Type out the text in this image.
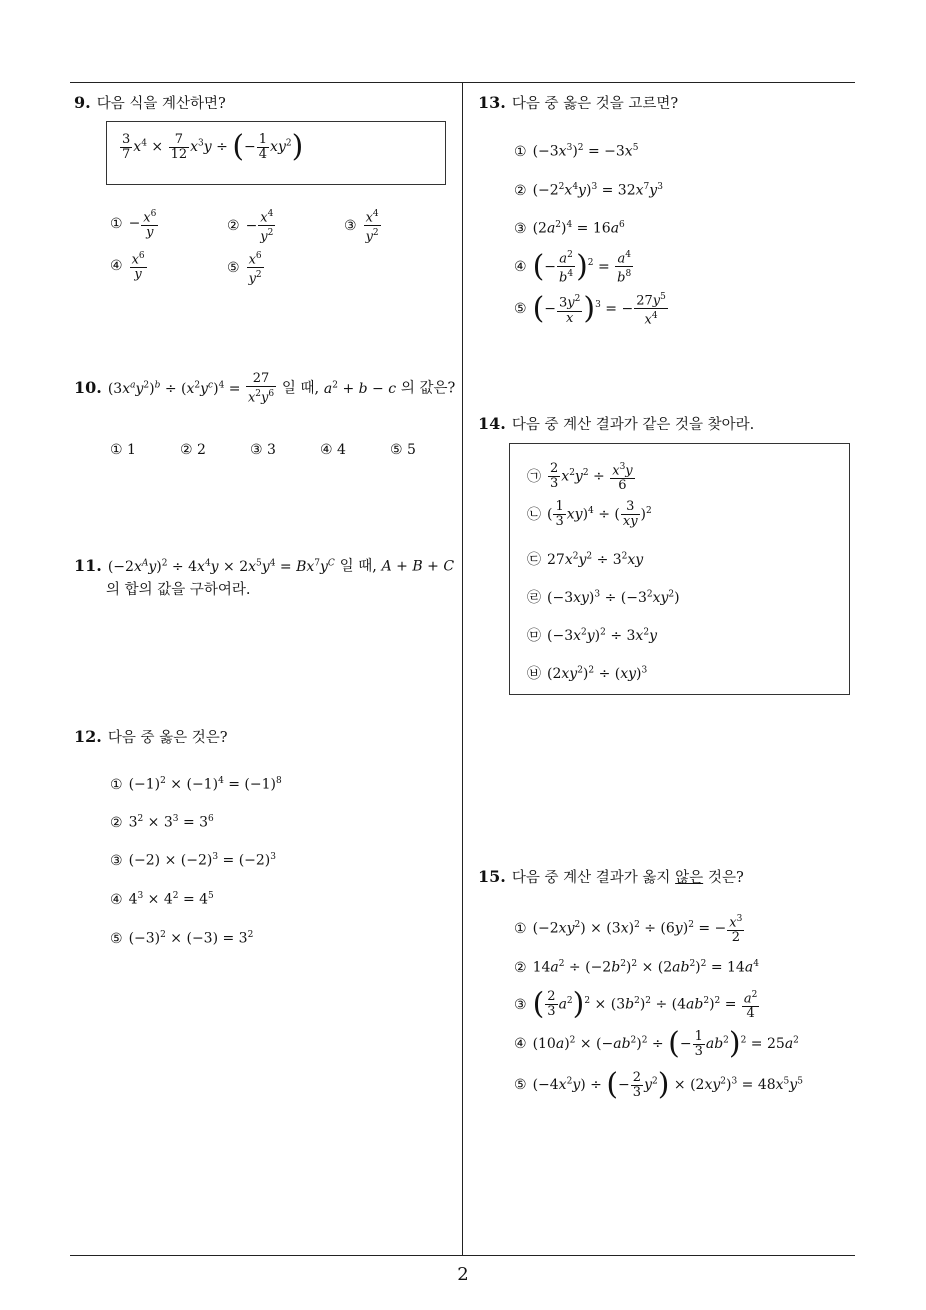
9. 다음 식을 계산하면?
$\frac{3}{7} x^4 \times \frac{7}{12} x^3y$ ÷ (− $\frac{1}{4} xy^2$)
① − $\frac{x^6}{y}$	② − $\frac{x^4}{y^2}$	③ $\frac{x^4}{y^2}$
④ $\frac{x^6}{y}$	⑤ $\frac{x^6}{y^2}$
10. $(3x^ay^2)^b \div (x^2y^c)^4 = \frac{27}{x^2y^6}$ 일 때, $a^2 + b - c$ 의 값은?
① 1	② 2	③ 3	④ 4	⑤ 5
11. $(-2x^Ay)^2 \div 4x^4y \times 2x^5y^4 = Bx^7y^C$ 일 때, A + B + C
의 합의 값을 구하여라.
12. 다음 중 옳은 것은?
① $(-1)^2 \times (-1)^4 = (-1)^8$
② $3^2 \times 3^3 = 3^6$
③ $(-2) \times (-2)^3 = (-2)^3$
④ $4^3 \times 4^2 = 4^5$
⑤ $(-3)^2 \times (-3) = 3^2$
13. 다음 중 옳은 것을 고르면?
① $(-3x^3)^2 = -3x^5$
② $(-2^2x^4y)^3 = 32x^7y^3$
③ $(2a^2)^4 = 16a^6$
④ (− $\frac{a^2}{b^4} )^2 = \frac{a^4}{b^8}$
⑤ (− $\frac{3y^2}{x} )^3$ = − $\frac{27y^5}{x^4}$
14. 다음 중 계산 결과가 같은 것을 찾아라.
㉠ $\frac{2}{3} x^2y^2 \div \frac{x^3y}{6}$
㉡ ( $\frac{1}{3} xy)^4$ ÷ ( $\frac{3}{xy} )^2$
㉢ $27x^2y^2 \div 3^2xy$
㉣ $(-3xy)^3 \div (-3^2xy^2)$
㉤ $(-3x^2y)^2 \div 3x^2y$
㉥ $(2xy^2)^2 \div (xy)^3$
15. 다음 중 계산 결과가 옳지 않은 것은?
① $(-2xy^2) \times (3x)^2 \div (6y)^2$ = − $\frac{x^3}{2}$
② $14a^2 \div (-2b^2)^2 \times (2ab^2)^2 = 14a^4$
③ ( $\frac{2}{3} a^2)^2 \times (3b^2)^2 \div (4ab^2)^2 = \frac{a^2}{4}$
④ $(10a)^2 \times (-ab^2)^2$ ÷ (− $\frac{1}{3} ab^2)^2 = 25a^2$
⑤ $(-4x^2y)$ ÷ (− $\frac{2}{3} y^2) \times (2xy^2)^3 = 48x^5y^5$
2
